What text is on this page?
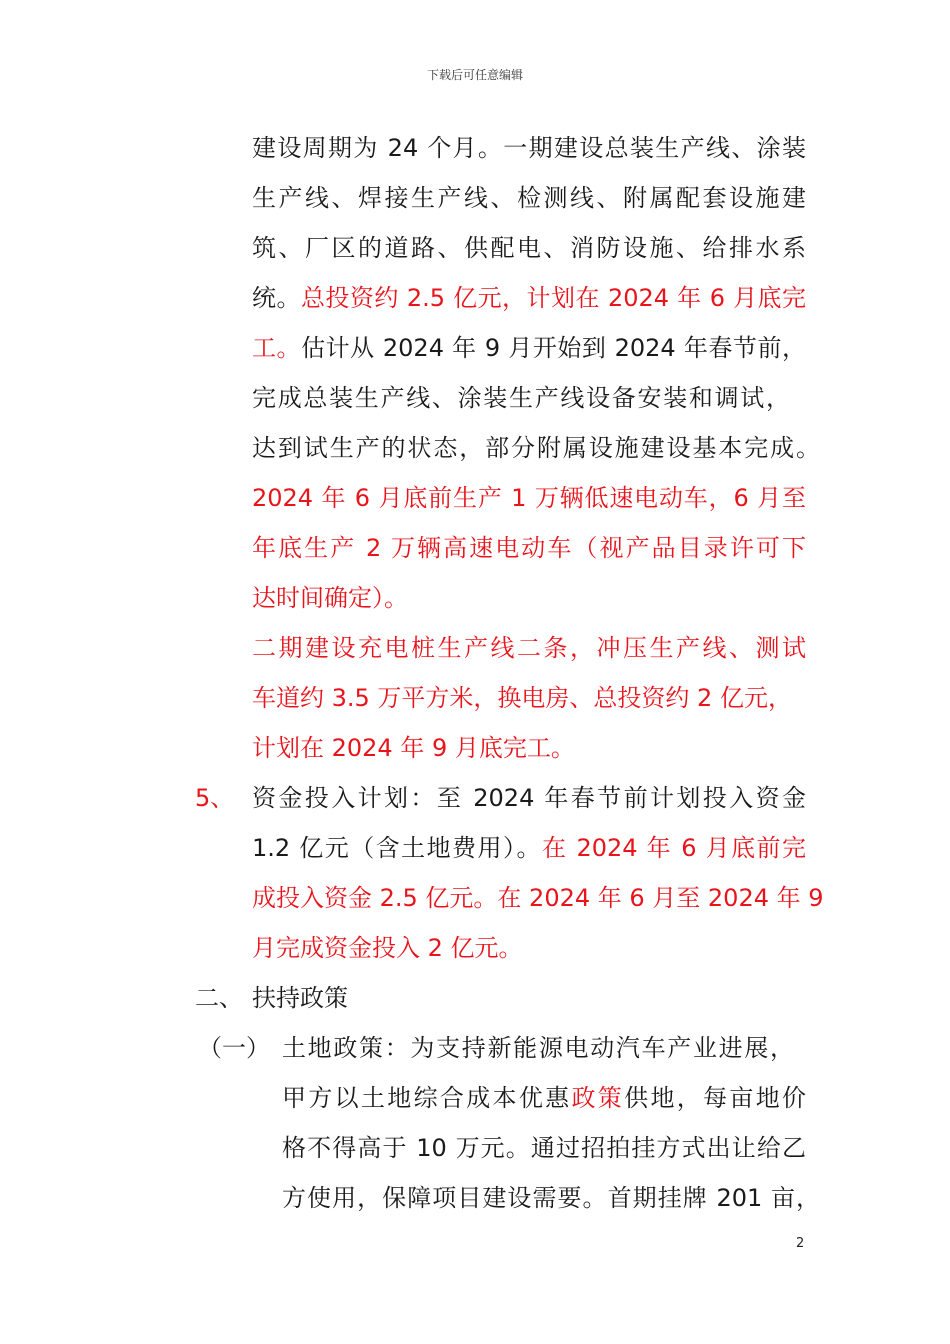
下载后可任意编辑
建设周期为 24 个月。一期建设总装生产线、涂装
生产线、焊接生产线、检测线、附属配套设施建
筑、厂区的道路、供配电、消防设施、给排水系
统。总投资约 2.5 亿元，计划在 2024 年 6 月底完
工。估计从 2024 年 9 月开始到 2024 年春节前，
完成总装生产线、涂装生产线设备安装和调试，
达到试生产的状态，部分附属设施建设基本完成。
2024 年 6 月底前生产 1 万辆低速电动车，6 月至
年底生产 2 万辆高速电动车（视产品目录许可下
达时间确定）。
二期建设充电桩生产线二条，冲压生产线、测试
车道约 3.5 万平方米，换电房、总投资约 2 亿元，
计划在 2024 年 9 月底完工。
5、 资金投入计划：至 2024 年春节前计划投入资金
1.2 亿元（含土地费用）。在 2024 年 6 月底前完
成投入资金 2.5 亿元。在 2024 年 6 月至 2024 年 9
月完成资金投入 2 亿元。
二、 扶持政策
（一） 土地政策：为支持新能源电动汽车产业进展，
甲方以土地综合成本优惠政策供地，每亩地价
格不得高于 10 万元。通过招拍挂方式出让给乙
方使用，保障项目建设需要。首期挂牌 201 亩，
2
